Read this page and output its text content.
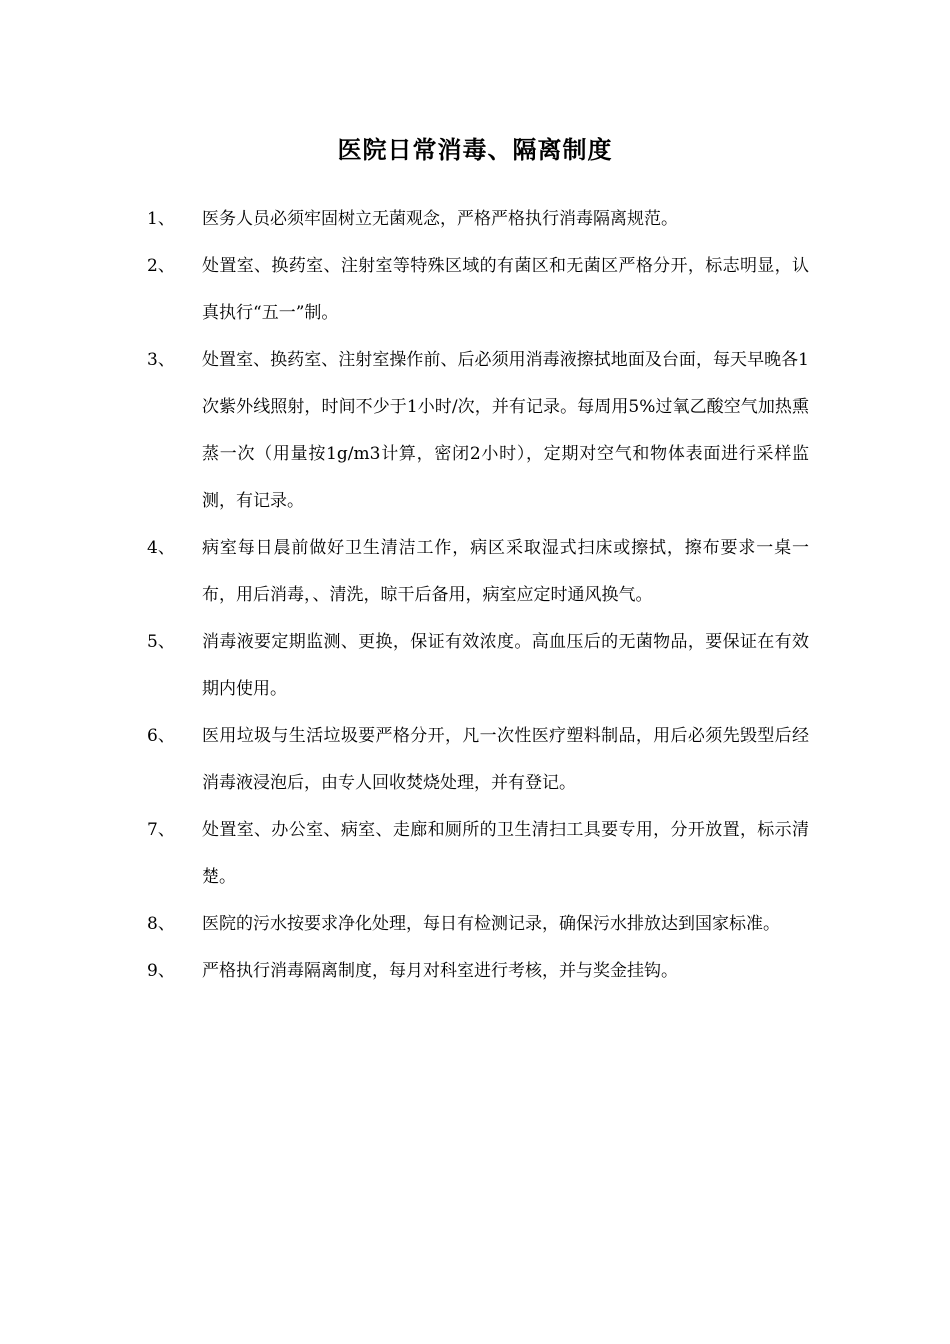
医院日常消毒、隔离制度
1、	医务人员必须牢固树立无菌观念，严格严格执行消毒隔离规范。
2、	处置室、换药室、注射室等特殊区域的有菌区和无菌区严格分开，标志明显，认真执行“五一”制。
3、	处置室、换药室、注射室操作前、后必须用消毒液擦拭地面及台面，每天早晚各1次紫外线照射，时间不少于1小时/次，并有记录。每周用5%过氧乙酸空气加热熏蒸一次（用量按1g/m3计算，密闭2小时），定期对空气和物体表面进行采样监测，有记录。
4、	病室每日晨前做好卫生清洁工作，病区采取湿式扫床或擦拭，擦布要求一桌一布，用后消毒，、清洗，晾干后备用，病室应定时通风换气。
5、	消毒液要定期监测、更换，保证有效浓度。高血压后的无菌物品，要保证在有效期内使用。
6、	医用垃圾与生活垃圾要严格分开，凡一次性医疗塑料制品，用后必须先毁型后经消毒液浸泡后，由专人回收焚烧处理，并有登记。
7、	处置室、办公室、病室、走廊和厕所的卫生清扫工具要专用，分开放置，标示清楚。
8、	医院的污水按要求净化处理，每日有检测记录，确保污水排放达到国家标准。
9、	严格执行消毒隔离制度，每月对科室进行考核，并与奖金挂钩。
